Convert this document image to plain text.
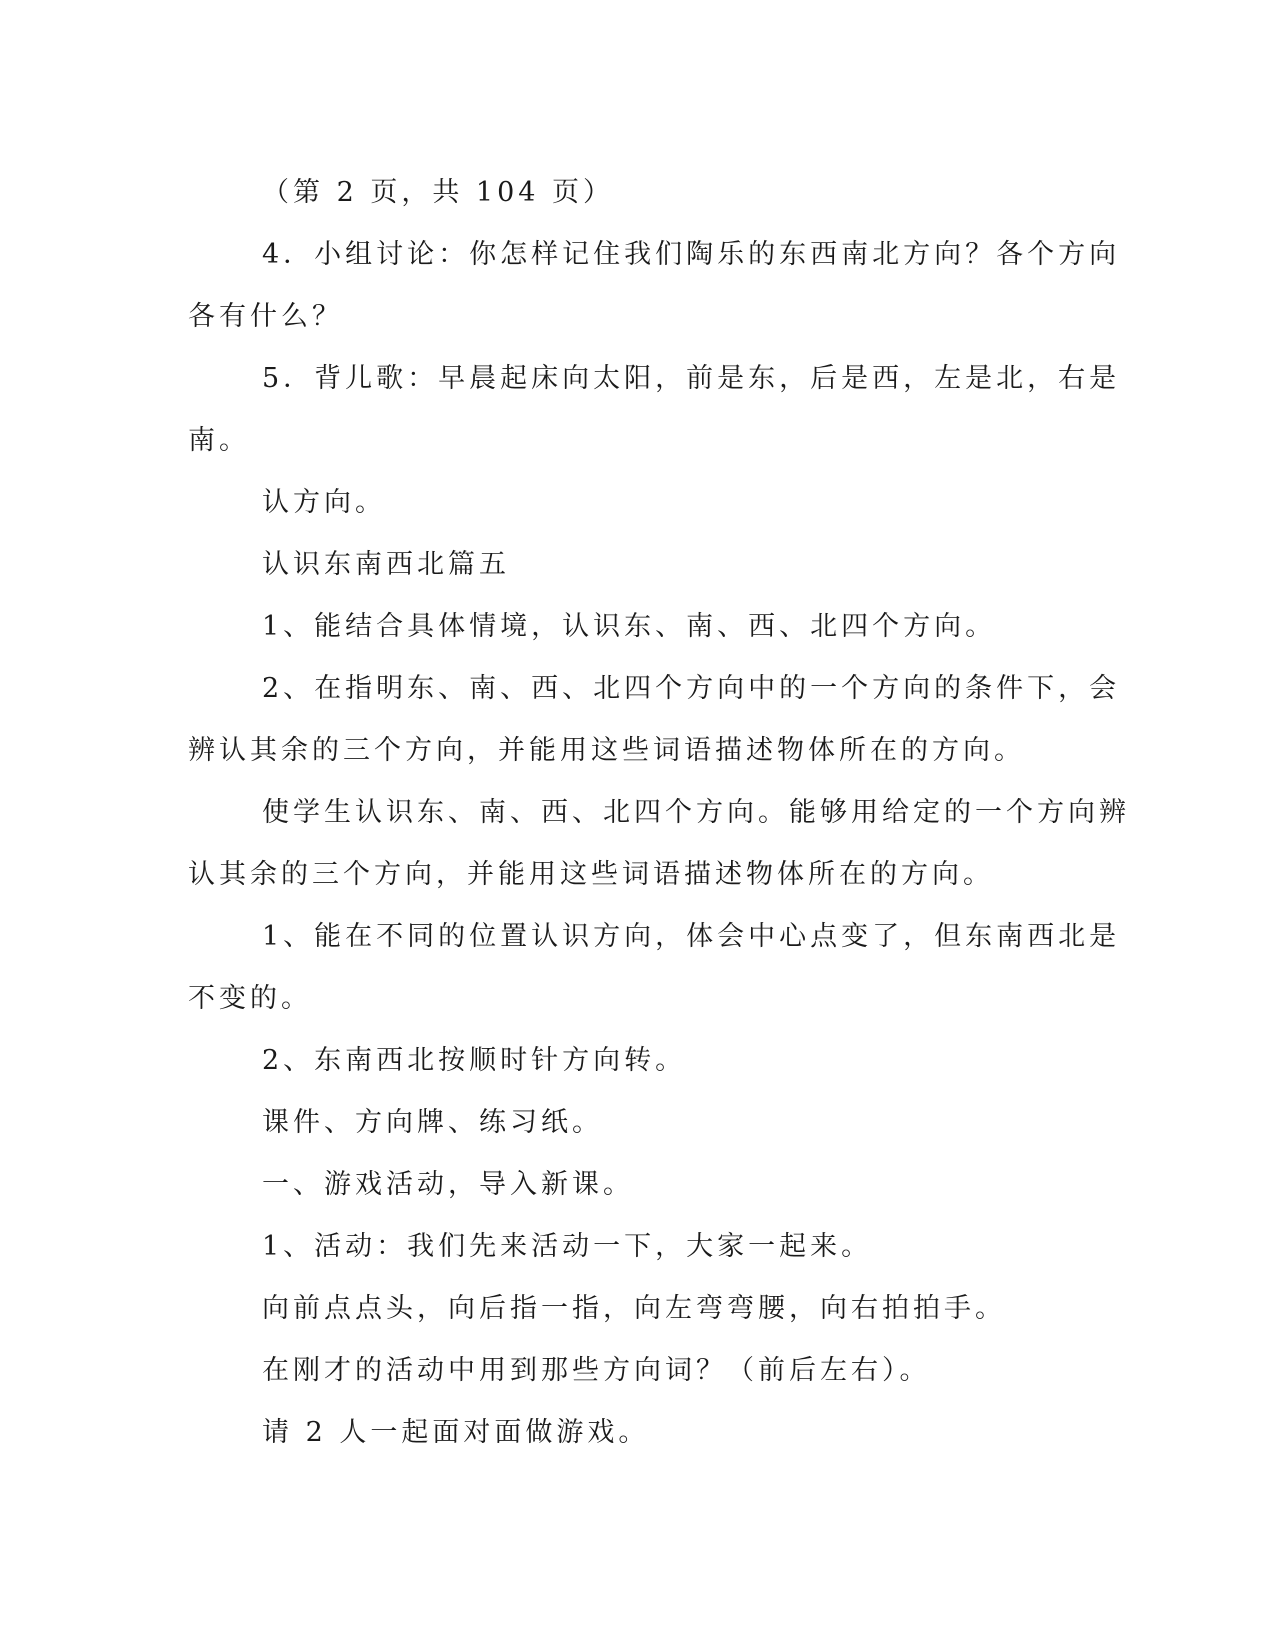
（第 2 页，共 104 页）

4．小组讨论：你怎样记住我们陶乐的东西南北方向？各个方向

各有什么？

5．背儿歌：早晨起床向太阳，前是东，后是西，左是北，右是

南。

认方向。

认识东南西北篇五

1、能结合具体情境，认识东、南、西、北四个方向。

2、在指明东、南、西、北四个方向中的一个方向的条件下，会

辨认其余的三个方向，并能用这些词语描述物体所在的方向。

使学生认识东、南、西、北四个方向。能够用给定的一个方向辨

认其余的三个方向，并能用这些词语描述物体所在的方向。

1、能在不同的位置认识方向，体会中心点变了，但东南西北是

不变的。

2、东南西北按顺时针方向转。

课件、方向牌、练习纸。

一、游戏活动，导入新课。

1、活动：我们先来活动一下，大家一起来。

向前点点头，向后指一指，向左弯弯腰，向右拍拍手。

在刚才的活动中用到那些方向词？（前后左右）。

请 2 人一起面对面做游戏。
